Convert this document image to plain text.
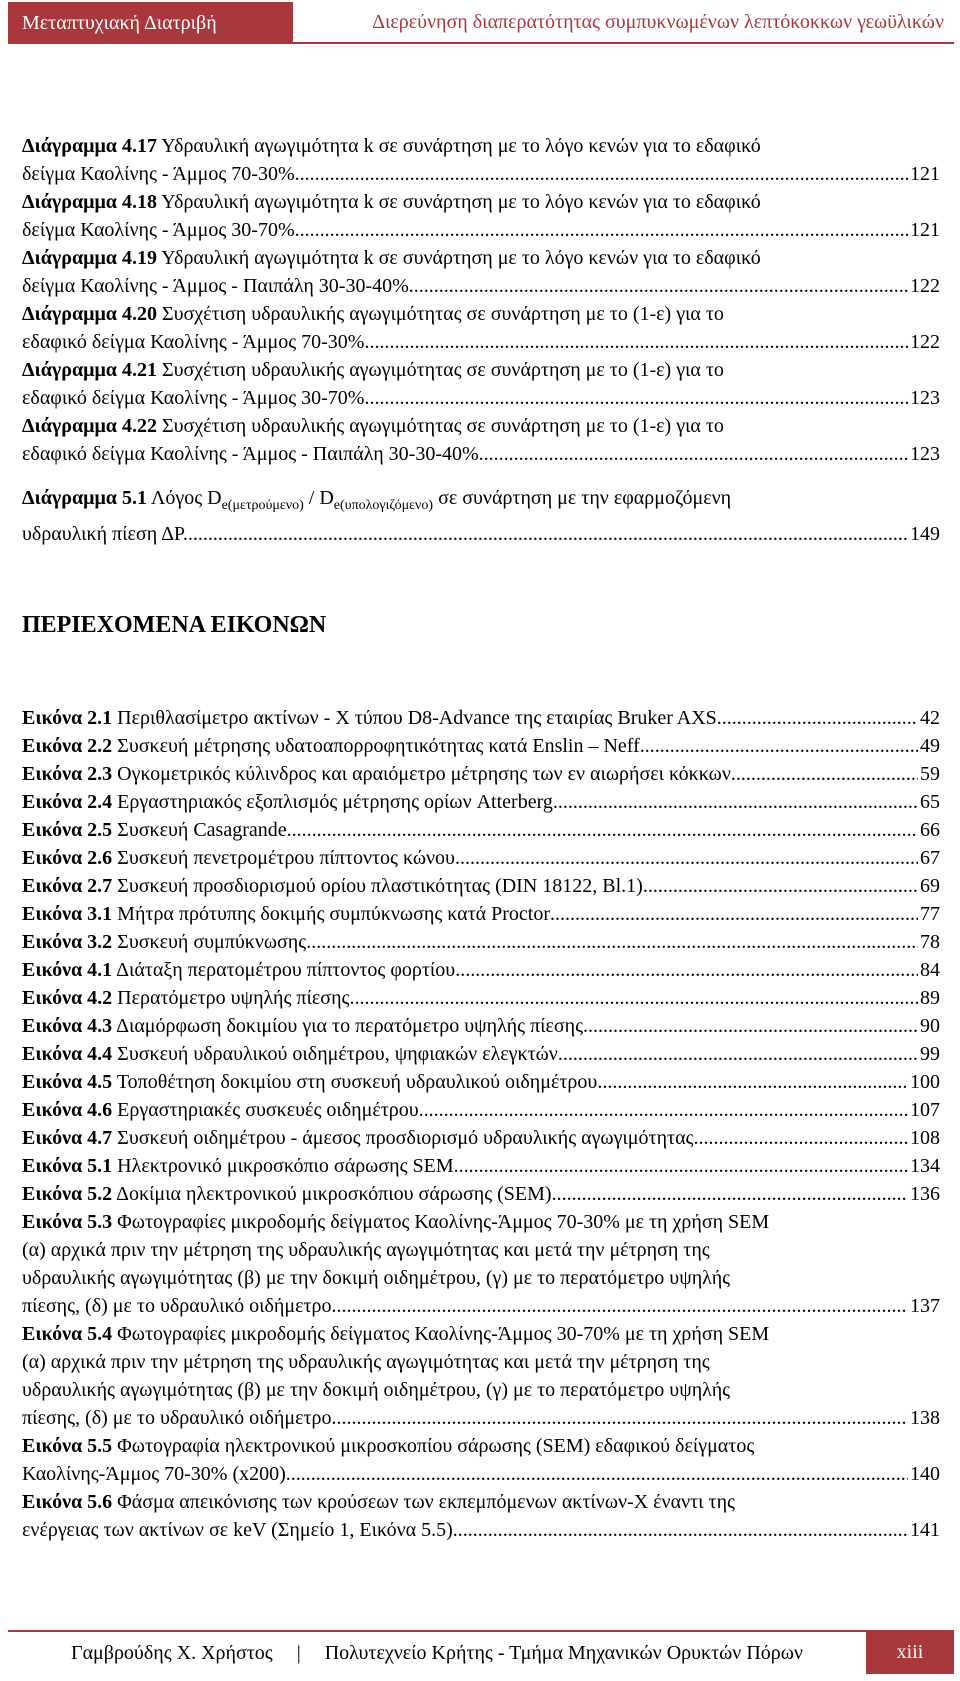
Μεταπτυχιακή Διατριβή	Διερεύνηση διαπερατότητας συμπυκνωμένων λεπτόκοκκων γεωϋλικών
Διάγραμμα 4.17 Υδραυλική αγωγιμότητα k σε συνάρτηση με το λόγο κενών για το εδαφικό
δείγμα Καολίνης - Άμμος 70-30% .....	121
Διάγραμμα 4.18 Υδραυλική αγωγιμότητα k σε συνάρτηση με το λόγο κενών για το εδαφικό
δείγμα Καολίνης - Άμμος 30-70% .....	121
Διάγραμμα 4.19 Υδραυλική αγωγιμότητα k σε συνάρτηση με το λόγο κενών για το εδαφικό
δείγμα Καολίνης - Άμμος - Παιπάλη 30-30-40% .....	122
Διάγραμμα 4.20 Συσχέτιση υδραυλικής αγωγιμότητας σε συνάρτηση με το (1-ε) για το
εδαφικό δείγμα Καολίνης - Άμμος 70-30% .....	122
Διάγραμμα 4.21 Συσχέτιση υδραυλικής αγωγιμότητας σε συνάρτηση με το (1-ε) για το
εδαφικό δείγμα Καολίνης - Άμμος 30-70% .....	123
Διάγραμμα 4.22 Συσχέτιση υδραυλικής αγωγιμότητας σε συνάρτηση με το (1-ε) για το
εδαφικό δείγμα Καολίνης - Άμμος - Παιπάλη 30-30-40% .....	123
Διάγραμμα 5.1 Λόγος $D_{e(\mu\varepsilon\tau\rho oύ\mu\varepsilon\nu o)} / D_{e(\upsilon\pi o\lambda o\gamma\iota\zeta ό\mu\varepsilon\nu o)}$ σε συνάρτηση με την εφαρμοζόμενη
υδραυλική πίεση ΔP. .....	149
ΠΕΡΙΕΧΟΜΕΝΑ ΕΙΚΟΝΩΝ
Εικόνα 2.1 Περιθλασίμετρο ακτίνων - Χ τύπου D8-Advance της εταιρίας Bruker AXS .....	42
Εικόνα 2.2 Συσκευή μέτρησης υδατοαπορροφητικότητας κατά Enslin – Neff .....	49
Εικόνα 2.3 Ογκομετρικός κύλινδρος και αραιόμετρο μέτρησης των εν αιωρήσει κόκκων .....	59
Εικόνα 2.4 Εργαστηριακός εξοπλισμός μέτρησης ορίων Atterberg .....	65
Εικόνα 2.5 Συσκευή Casagrande .....	66
Εικόνα 2.6 Συσκευή πενετρομέτρου πίπτοντος κώνου .....	67
Εικόνα 2.7 Συσκευή προσδιορισμού ορίου πλαστικότητας (DIN 18122, Bl.1) .....	69
Εικόνα 3.1 Μήτρα πρότυπης δοκιμής συμπύκνωσης κατά Proctor .....	77
Εικόνα 3.2 Συσκευή συμπύκνωσης .....	78
Εικόνα 4.1 Διάταξη περατομέτρου πίπτοντος φορτίου .....	84
Εικόνα 4.2 Περατόμετρο υψηλής πίεσης .....	89
Εικόνα 4.3 Διαμόρφωση δοκιμίου για το περατόμετρο υψηλής πίεσης .....	90
Εικόνα 4.4 Συσκευή υδραυλικού οιδημέτρου, ψηφιακών ελεγκτών .....	99
Εικόνα 4.5 Τοποθέτηση δοκιμίου στη συσκευή υδραυλικού οιδημέτρου .....	100
Εικόνα 4.6 Εργαστηριακές συσκευές οιδημέτρου .....	107
Εικόνα 4.7 Συσκευή οιδημέτρου - άμεσος προσδιορισμό υδραυλικής αγωγιμότητας .....	108
Εικόνα 5.1 Ηλεκτρονικό μικροσκόπιο σάρωσης SEM .....	134
Εικόνα 5.2 Δοκίμια ηλεκτρονικού μικροσκόπιου σάρωσης (SEM) .....	136
Εικόνα 5.3 Φωτογραφίες μικροδομής δείγματος Καολίνης-Άμμος 70-30% με τη χρήση SEM
(α) αρχικά πριν την μέτρηση της υδραυλικής αγωγιμότητας και μετά την μέτρηση της
υδραυλικής αγωγιμότητας (β) με την δοκιμή οιδημέτρου, (γ) με το περατόμετρο υψηλής
πίεσης, (δ) με το υδραυλικό οιδήμετρο .....	137
Εικόνα 5.4 Φωτογραφίες μικροδομής δείγματος Καολίνης-Άμμος 30-70% με τη χρήση SEM
(α) αρχικά πριν την μέτρηση της υδραυλικής αγωγιμότητας και μετά την μέτρηση της
υδραυλικής αγωγιμότητας (β) με την δοκιμή οιδημέτρου, (γ) με το περατόμετρο υψηλής
πίεσης, (δ) με το υδραυλικό οιδήμετρο .....	138
Εικόνα 5.5 Φωτογραφία ηλεκτρονικού μικροσκοπίου σάρωσης (SEM) εδαφικού δείγματος
Καολίνης-Άμμος 70-30% (x200) .....	140
Εικόνα 5.6 Φάσμα απεικόνισης των κρούσεων των εκπεμπόμενων ακτίνων-Χ έναντι της
ενέργειας των ακτίνων σε keV (Σημείο 1, Εικόνα 5.5) .....	141
Γαμβρούδης Χ. Χρήστος | Πολυτεχνείο Κρήτης - Τμήμα Μηχανικών Ορυκτών Πόρων	xiii
